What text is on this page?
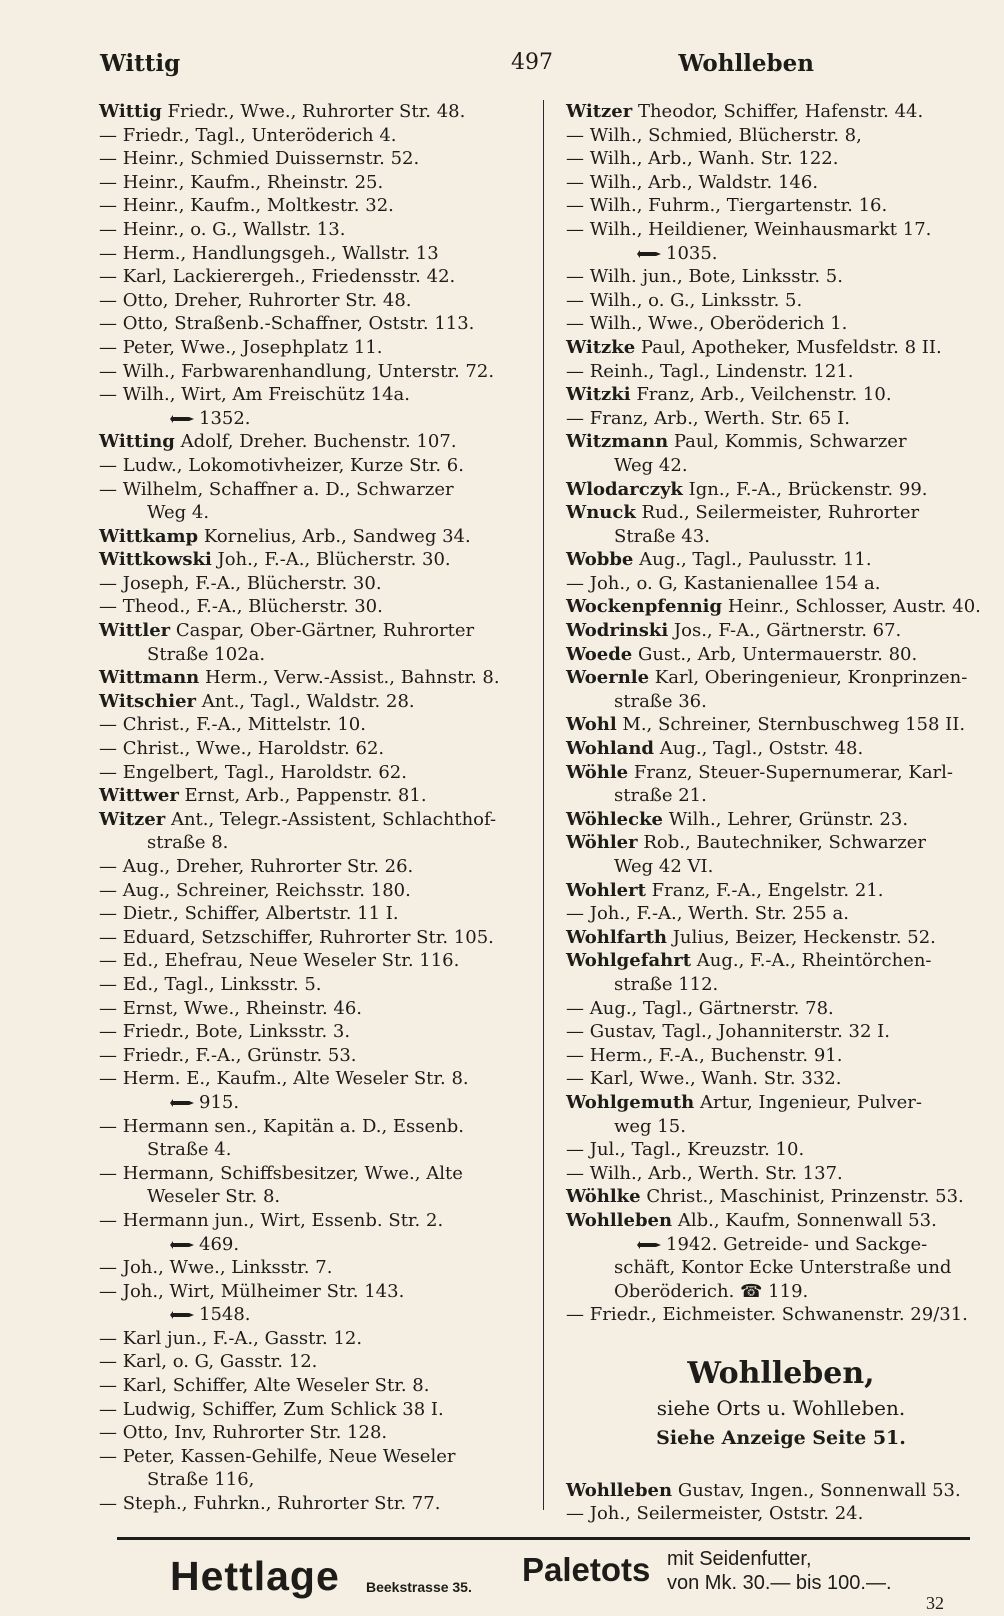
Wittig	497	Wohlleben
Wittig Friedr., Wwe., Ruhrorter Str. 48.
— Friedr., Tagl., Unteröderich 4.
— Heinr., Schmied Duissernstr. 52.
— Heinr., Kaufm., Rheinstr. 25.
— Heinr., Kaufm., Moltkestr. 32.
— Heinr., o. G., Wallstr. 13.
— Herm., Handlungsgeh., Wallstr. 13
— Karl, Lackierergeh., Friedensstr. 42.
— Otto, Dreher, Ruhrorter Str. 48.
— Otto, Straßenb.-Schaffner, Oststr. 113.
— Peter, Wwe., Josephplatz 11.
— Wilh., Farbwarenhandlung, Unterstr. 72.
— Wilh., Wirt, Am Freischütz 14a.
1352.
Witting Adolf, Dreher. Buchenstr. 107.
— Ludw., Lokomotivheizer, Kurze Str. 6.
— Wilhelm, Schaffner a. D., Schwarzer
Weg 4.
Wittkamp Kornelius, Arb., Sandweg 34.
Wittkowski Joh., F.-A., Blücherstr. 30.
— Joseph, F.-A., Blücherstr. 30.
— Theod., F.-A., Blücherstr. 30.
Wittler Caspar, Ober-Gärtner, Ruhrorter
Straße 102a.
Wittmann Herm., Verw.-Assist., Bahnstr. 8.
Witschier Ant., Tagl., Waldstr. 28.
— Christ., F.-A., Mittelstr. 10.
— Christ., Wwe., Haroldstr. 62.
— Engelbert, Tagl., Haroldstr. 62.
Wittwer Ernst, Arb., Pappenstr. 81.
Witzer Ant., Telegr.-Assistent, Schlachthof-
straße 8.
— Aug., Dreher, Ruhrorter Str. 26.
— Aug., Schreiner, Reichsstr. 180.
— Dietr., Schiffer, Albertstr. 11 I.
— Eduard, Setzschiffer, Ruhrorter Str. 105.
— Ed., Ehefrau, Neue Weseler Str. 116.
— Ed., Tagl., Linksstr. 5.
— Ernst, Wwe., Rheinstr. 46.
— Friedr., Bote, Linksstr. 3.
— Friedr., F.-A., Grünstr. 53.
— Herm. E., Kaufm., Alte Weseler Str. 8.
915.
— Hermann sen., Kapitän a. D., Essenb.
Straße 4.
— Hermann, Schiffsbesitzer, Wwe., Alte
Weseler Str. 8.
— Hermann jun., Wirt, Essenb. Str. 2.
469.
— Joh., Wwe., Linksstr. 7.
— Joh., Wirt, Mülheimer Str. 143.
1548.
— Karl jun., F.-A., Gasstr. 12.
— Karl, o. G, Gasstr. 12.
— Karl, Schiffer, Alte Weseler Str. 8.
— Ludwig, Schiffer, Zum Schlick 38 I.
— Otto, Inv, Ruhrorter Str. 128.
— Peter, Kassen-Gehilfe, Neue Weseler
Straße 116,
— Steph., Fuhrkn., Ruhrorter Str. 77.
Witzer Theodor, Schiffer, Hafenstr. 44.
— Wilh., Schmied, Blücherstr. 8,
— Wilh., Arb., Wanh. Str. 122.
— Wilh., Arb., Waldstr. 146.
— Wilh., Fuhrm., Tiergartenstr. 16.
— Wilh., Heildiener, Weinhausmarkt 17.
1035.
— Wilh. jun., Bote, Linksstr. 5.
— Wilh., o. G., Linksstr. 5.
— Wilh., Wwe., Oberöderich 1.
Witzke Paul, Apotheker, Musfeldstr. 8 II.
— Reinh., Tagl., Lindenstr. 121.
Witzki Franz, Arb., Veilchenstr. 10.
— Franz, Arb., Werth. Str. 65 I.
Witzmann Paul, Kommis, Schwarzer
Weg 42.
Wlodarczyk Ign., F.-A., Brückenstr. 99.
Wnuck Rud., Seilermeister, Ruhrorter
Straße 43.
Wobbe Aug., Tagl., Paulusstr. 11.
— Joh., o. G, Kastanienallee 154 a.
Wockenpfennig Heinr., Schlosser, Austr. 40.
Wodrinski Jos., F-A., Gärtnerstr. 67.
Woede Gust., Arb, Untermauerstr. 80.
Woernle Karl, Oberingenieur, Kronprinzen-
straße 36.
Wohl M., Schreiner, Sternbuschweg 158 II.
Wohland Aug., Tagl., Oststr. 48.
Wöhle Franz, Steuer-Supernumerar, Karl-
straße 21.
Wöhlecke Wilh., Lehrer, Grünstr. 23.
Wöhler Rob., Bautechniker, Schwarzer
Weg 42 VI.
Wohlert Franz, F.-A., Engelstr. 21.
— Joh., F.-A., Werth. Str. 255 a.
Wohlfarth Julius, Beizer, Heckenstr. 52.
Wohlgefahrt Aug., F.-A., Rheintörchen-
straße 112.
— Aug., Tagl., Gärtnerstr. 78.
— Gustav, Tagl., Johanniterstr. 32 I.
— Herm., F.-A., Buchenstr. 91.
— Karl, Wwe., Wanh. Str. 332.
Wohlgemuth Artur, Ingenieur, Pulver-
weg 15.
— Jul., Tagl., Kreuzstr. 10.
— Wilh., Arb., Werth. Str. 137.
Wöhlke Christ., Maschinist, Prinzenstr. 53.
Wohlleben Alb., Kaufm, Sonnenwall 53.
1942. Getreide- und Sackge-
schäft, Kontor Ecke Unterstraße und
Oberöderich. ☎ 119.
— Friedr., Eichmeister. Schwanenstr. 29/31.
Wohlleben,
siehe Orts u. Wohlleben.
Siehe Anzeige Seite 51.
Wohlleben Gustav, Ingen., Sonnenwall 53.
— Joh., Seilermeister, Oststr. 24.
Hettlage Beekstrasse 35. Paletots mit Seidenfutter,
von Mk. 30.— bis 100.—.
32
